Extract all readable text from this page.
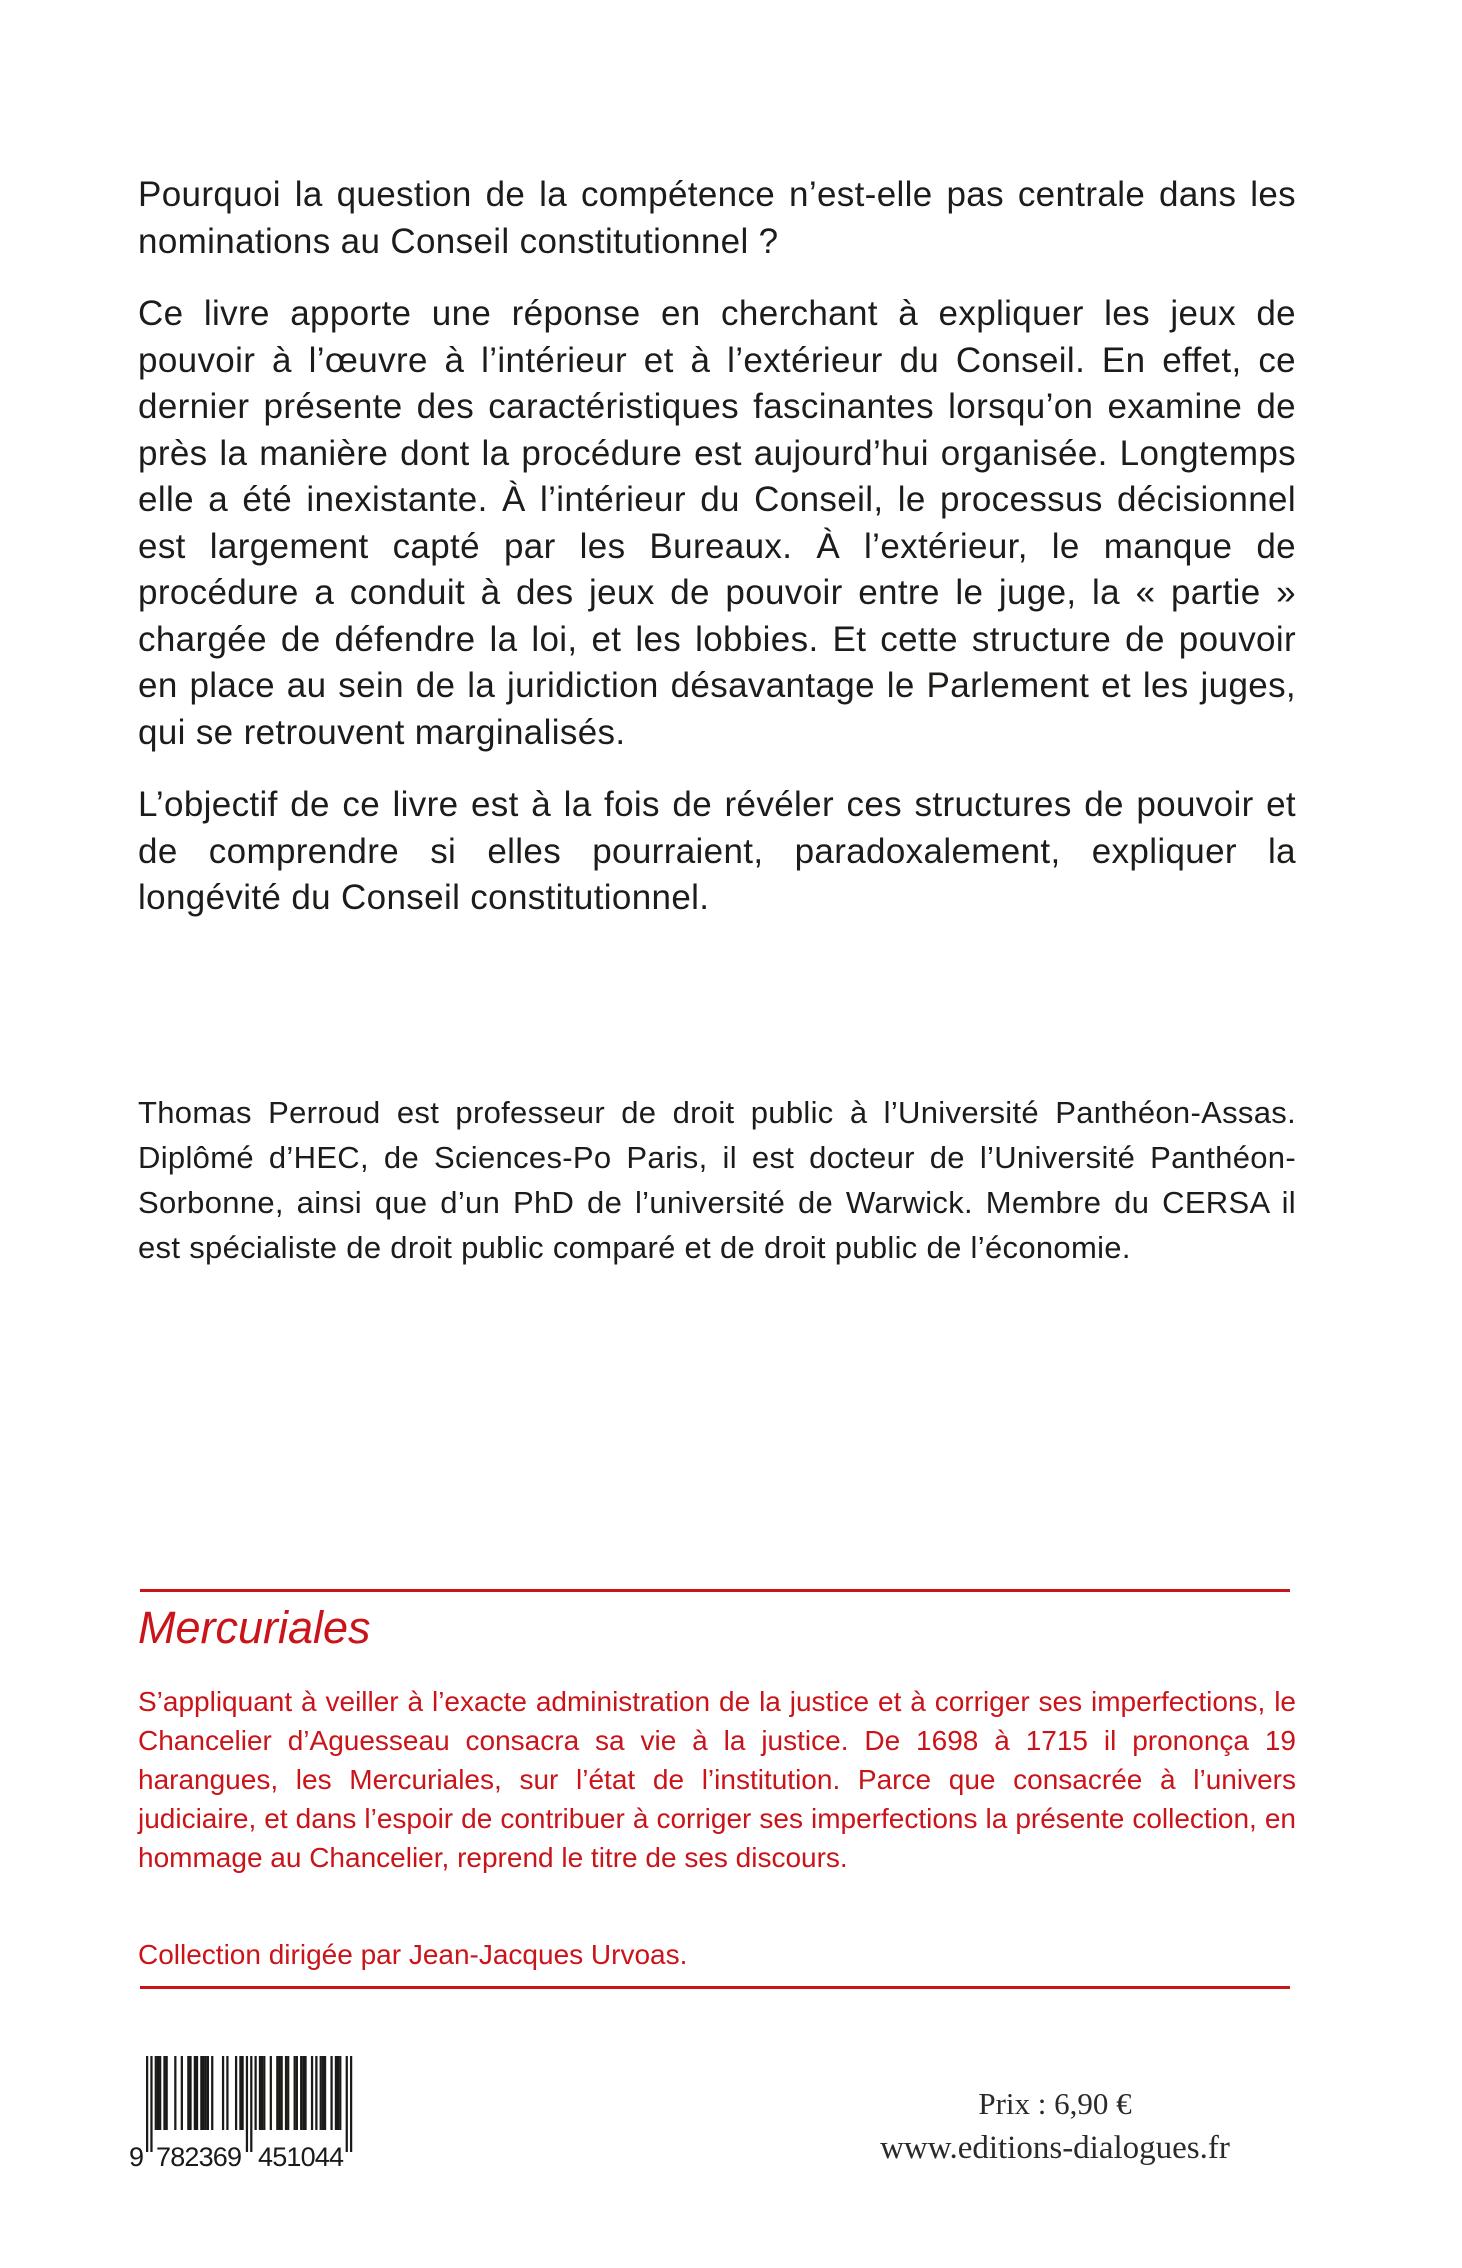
Pourquoi la question de la compétence n’est-elle pas centrale dans les nominations au Conseil constitutionnel ?

Ce livre apporte une réponse en cherchant à expliquer les jeux de pouvoir à l’œuvre à l’intérieur et à l’extérieur du Conseil. En effet, ce dernier présente des caractéristiques fascinantes lorsqu’on examine de près la manière dont la procédure est aujourd’hui organisée. Longtemps elle a été inexistante. À l’intérieur du Conseil, le processus décisionnel est largement capté par les Bureaux. À l’extérieur, le manque de procédure a conduit à des jeux de pouvoir entre le juge, la « partie » chargée de défendre la loi, et les lobbies. Et cette structure de pouvoir en place au sein de la juridiction désavantage le Parlement et les juges, qui se retrouvent marginalisés.

L’objectif de ce livre est à la fois de révéler ces structures de pouvoir et de comprendre si elles pourraient, paradoxalement, expliquer la longévité du Conseil constitutionnel.

Thomas Perroud est professeur de droit public à l’Université Panthéon-Assas. Diplômé d’HEC, de Sciences-Po Paris, il est docteur de l’Université Panthéon-Sorbonne, ainsi que d’un PhD de l’université de Warwick. Membre du CERSA il est spécialiste de droit public comparé et de droit public de l’économie.

Mercuriales

S’appliquant à veiller à l’exacte administration de la justice et à corriger ses imperfections, le Chancelier d’Aguesseau consacra sa vie à la justice. De 1698 à 1715 il prononça 19 harangues, les Mercuriales, sur l’état de l’institution. Parce que consacrée à l’univers judiciaire, et dans l’espoir de contribuer à corriger ses imperfections la présente collection, en hommage au Chancelier, reprend le titre de ses discours.

Collection dirigée par Jean-Jacques Urvoas.

9 782369 451044
Prix : 6,90 €
www.editions-dialogues.fr
